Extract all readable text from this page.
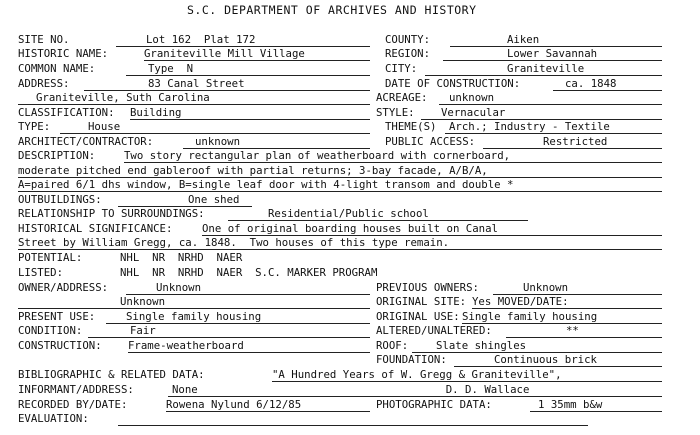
S.C. DEPARTMENT OF ARCHIVES AND HISTORY
SITE NO.	Lot 162  Plat 172	COUNTY:	Aiken
HISTORIC NAME:	Graniteville Mill Village	REGION:	Lower Savannah
COMMON NAME:	Type  N	CITY:	Graniteville
ADDRESS:	83 Canal Street	DATE OF CONSTRUCTION:	ca. 1848
Graniteville, Suth Carolina	ACREAGE:	unknown
CLASSIFICATION: Building	STYLE:	Vernacular
TYPE:	House	THEME(S)	Arch.; Industry - Textile
ARCHITECT/CONTRACTOR:	unknown	PUBLIC ACCESS:	Restricted
DESCRIPTION:	Two story rectangular plan of weatherboard with cornerboard,
moderate pitched end gableroof with partial returns; 3-bay facade, A/B/A,
A=paired 6/1 dhs window, B=single leaf door with 4-light transom and double *
OUTBUILDINGS:	One shed
RELATIONSHIP TO SURROUNDINGS:	Residential/Public school
HISTORICAL SIGNIFICANCE:	One of original boarding houses built on Canal
Street by William Gregg, ca. 1848.  Two houses of this type remain.
POTENTIAL:	NHL  NR  NRHD  NAER
LISTED:	NHL  NR  NRHD  NAER  S.C. MARKER PROGRAM
OWNER/ADDRESS:	Unknown	PREVIOUS OWNERS:	Unknown
Unknown	ORIGINAL SITE: Yes MOVED/DATE:
PRESENT USE:	Single family housing	ORIGINAL USE: Single family housing
CONDITION:	Fair	ALTERED/UNALTERED:	**
CONSTRUCTION: Frame-weatherboard	ROOF:	Slate shingles
FOUNDATION:	Continuous brick
BIBLIOGRAPHIC & RELATED DATA:	"A Hundred Years of W. Gregg & Graniteville",
INFORMANT/ADDRESS:	None	D. D. Wallace
RECORDED BY/DATE:	Rowena Nylund 6/12/85	PHOTOGRAPHIC DATA:	1 35mm b&w
EVALUATION:
